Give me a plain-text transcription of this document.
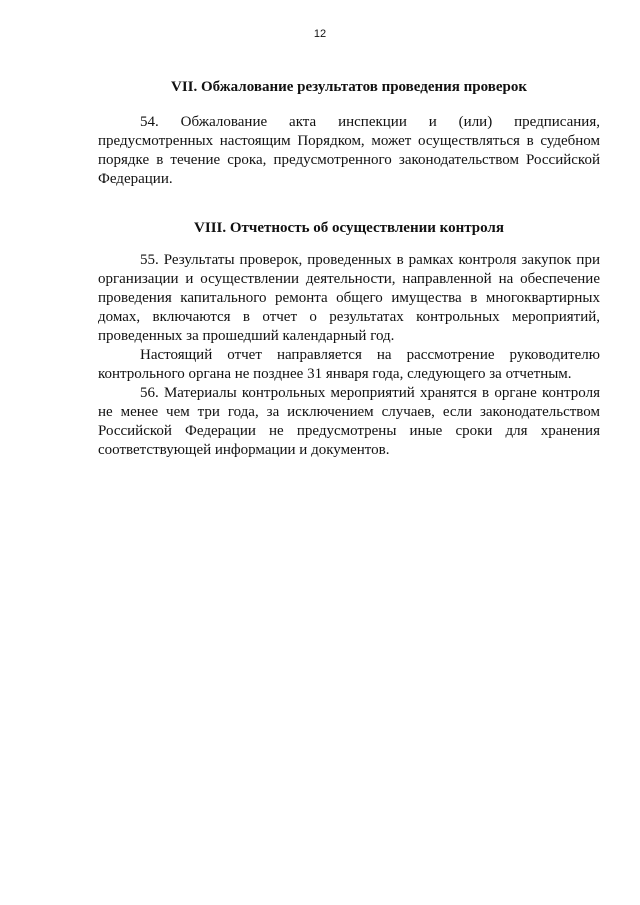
12

VII. Обжалование результатов проведения проверок

54. Обжалование акта инспекции и (или) предписания, предусмотренных настоящим Порядком, может осуществляться в судебном порядке в течение срока, предусмотренного законодательством Российской Федерации.

VIII. Отчетность об осуществлении контроля

55. Результаты проверок, проведенных в рамках контроля закупок при организации и осуществлении деятельности, направленной на обеспечение проведения капитального ремонта общего имущества в многоквартирных домах, включаются в отчет о результатах контрольных мероприятий, проведенных за прошедший календарный год.

Настоящий отчет направляется на рассмотрение руководителю контрольного органа не позднее 31 января года, следующего за отчетным.

56. Материалы контрольных мероприятий хранятся в органе контроля не менее чем три года, за исключением случаев, если законодательством Российской Федерации не предусмотрены иные сроки для хранения соответствующей информации и документов.
